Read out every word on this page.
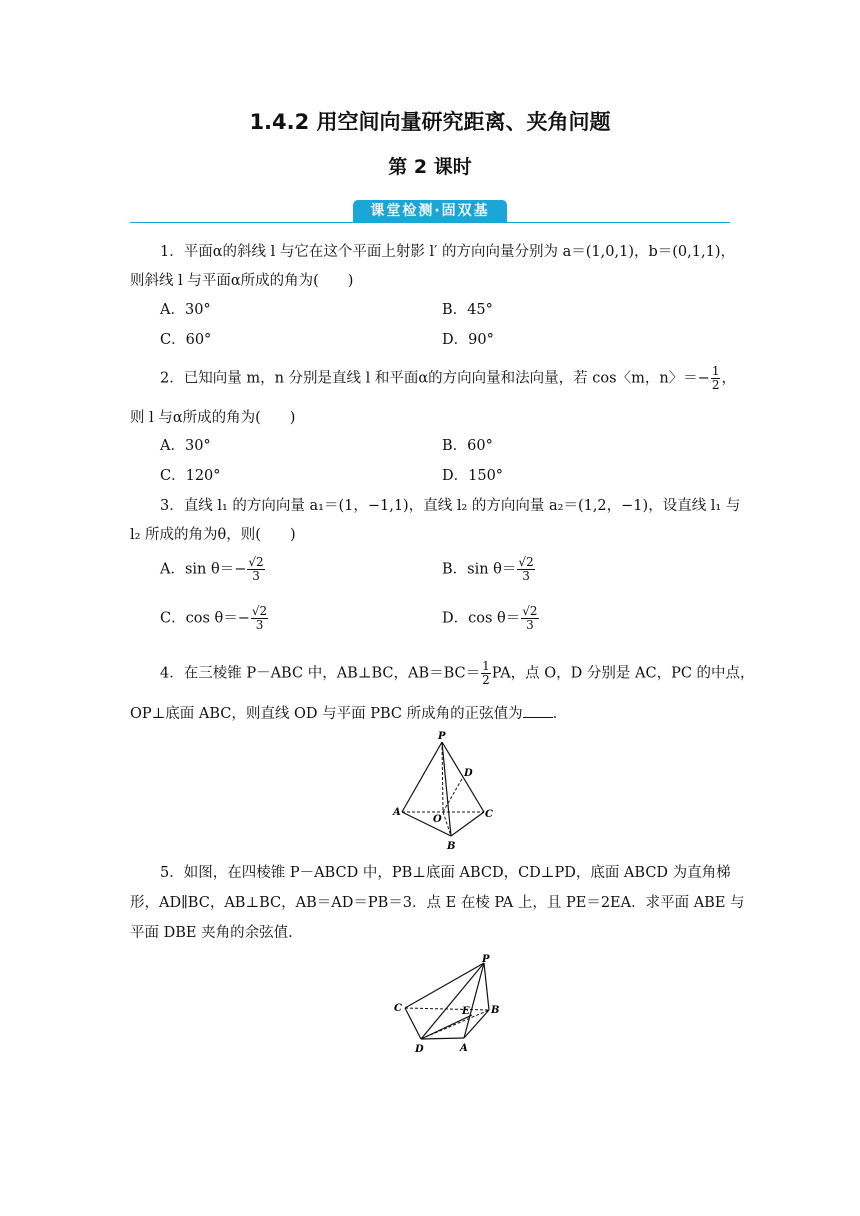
1.4.2 用空间向量研究距离、夹角问题
第 2 课时
课堂检测·固双基
1．平面α的斜线 l 与它在这个平面上射影 l′ 的方向向量分别为 a＝(1,0,1)，b＝(0,1,1)，
则斜线 l 与平面α所成的角为(　　)
A．30°	B．45°
C．60°	D．90°
2．已知向量 m，n 分别是直线 l 和平面α的方向向量和法向量，若 cos〈m，n〉＝− $\frac{1}{2}$ ，
则 l 与α所成的角为(　　)
A．30°	B．60°
C．120°	D．150°
3．直线 l₁ 的方向向量 a₁＝(1，−1,1)，直线 l₂ 的方向向量 a₂＝(1,2，−1)，设直线 l₁ 与
l₂ 所成的角为θ，则(　　)
A．$\sin \theta=- \frac{√2}{3}$	B．$\sin \theta= \frac{√2}{3}$
C．$\cos \theta=- \frac{√2}{3}$	D．$\cos \theta= \frac{√2}{3}$
4．在三棱锥 P－ABC 中，AB⊥BC，$AB=BC= \frac{1}{2}$ PA，点 O，D 分别是 AC，PC 的中点，
OP⊥底面 ABC，则直线 OD 与平面 PBC 所成角的正弦值为 ．
P
D
A
O	C
B
5．如图，在四棱锥 P－ABCD 中，PB⊥底面 ABCD，CD⊥PD，底面 ABCD 为直角梯
形，AD∥BC，AB⊥BC，AB＝AD＝PB＝3．点 E 在棱 PA 上，且 PE＝2EA．求平面 ABE 与
平面 DBE 夹角的余弦值．
P
C	E B
D	A
